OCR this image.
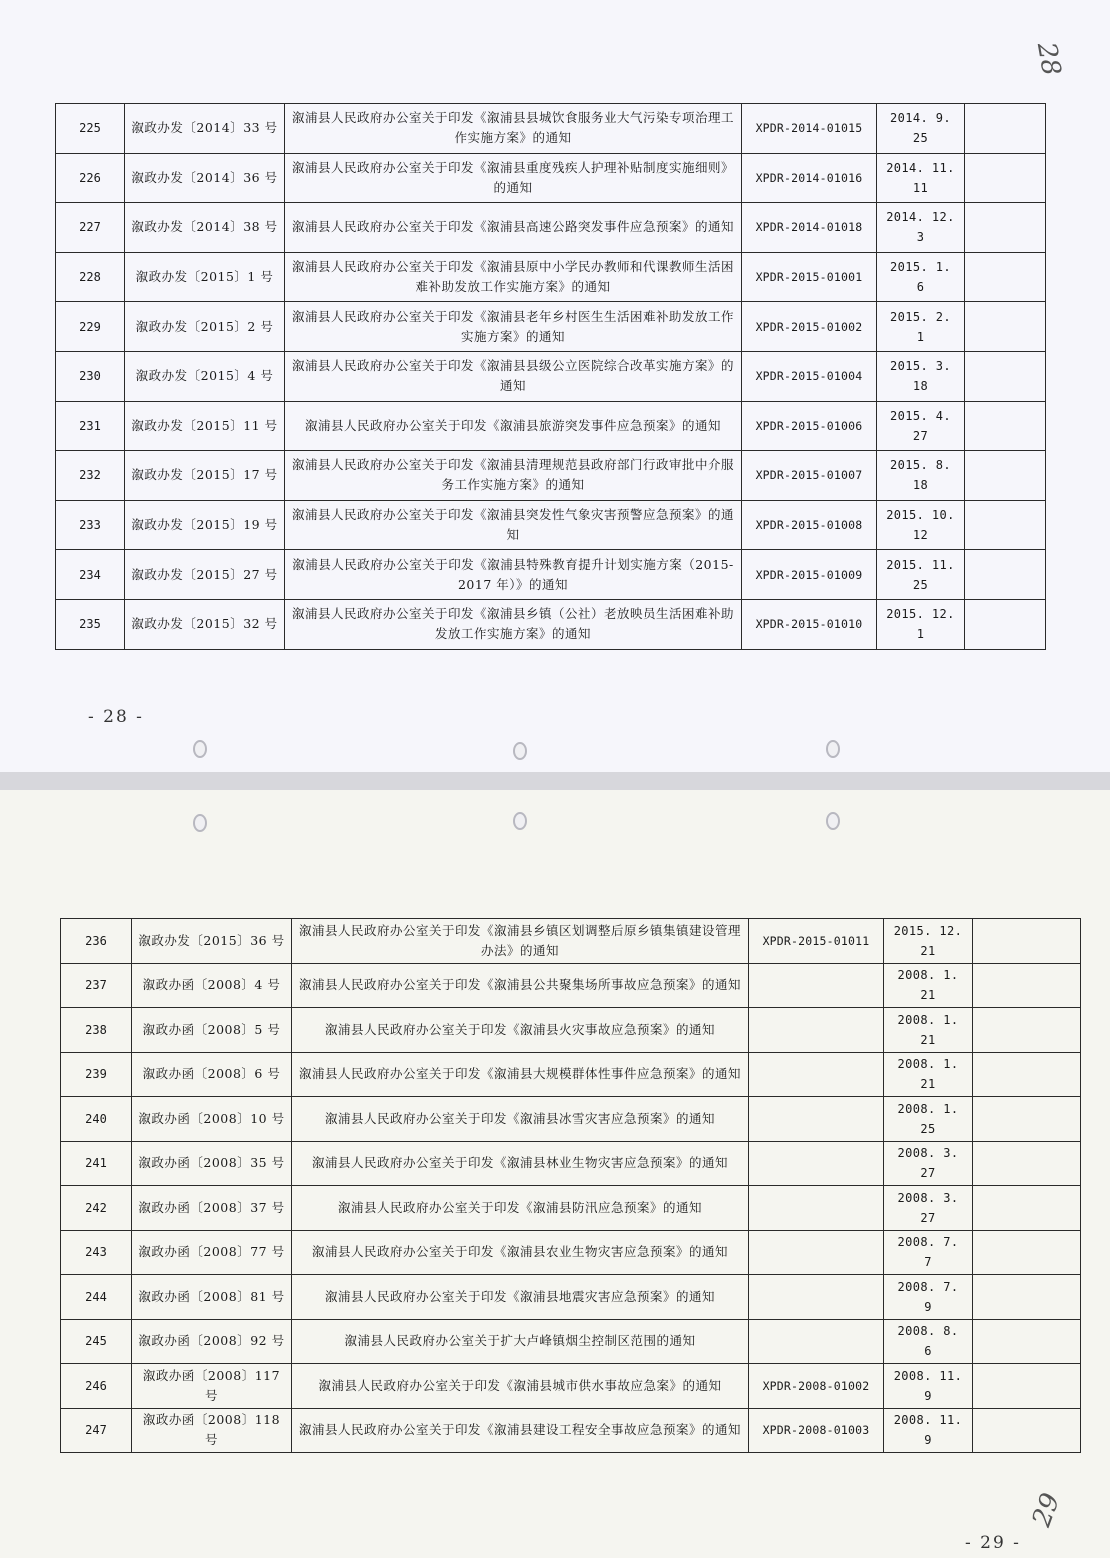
28
29
225	溆政办发〔2014〕33 号	溆浦县人民政府办公室关于印发《溆浦县县城饮食服务业大气污染专项治理工作实施方案》的通知	XPDR-2014-01015	2014. 9. 25	
226	溆政办发〔2014〕36 号	溆浦县人民政府办公室关于印发《溆浦县重度残疾人护理补贴制度实施细则》的通知	XPDR-2014-01016	2014. 11. 11	
227	溆政办发〔2014〕38 号	溆浦县人民政府办公室关于印发《溆浦县高速公路突发事件应急预案》的通知	XPDR-2014-01018	2014. 12. 3	
228	溆政办发〔2015〕1 号	溆浦县人民政府办公室关于印发《溆浦县原中小学民办教师和代课教师生活困难补助发放工作实施方案》的通知	XPDR-2015-01001	2015. 1. 6	
229	溆政办发〔2015〕2 号	溆浦县人民政府办公室关于印发《溆浦县老年乡村医生生活困难补助发放工作实施方案》的通知	XPDR-2015-01002	2015. 2. 1	
230	溆政办发〔2015〕4 号	溆浦县人民政府办公室关于印发《溆浦县县级公立医院综合改革实施方案》的通知	XPDR-2015-01004	2015. 3. 18	
231	溆政办发〔2015〕11 号	溆浦县人民政府办公室关于印发《溆浦县旅游突发事件应急预案》的通知	XPDR-2015-01006	2015. 4. 27	
232	溆政办发〔2015〕17 号	溆浦县人民政府办公室关于印发《溆浦县清理规范县政府部门行政审批中介服务工作实施方案》的通知	XPDR-2015-01007	2015. 8. 18	
233	溆政办发〔2015〕19 号	溆浦县人民政府办公室关于印发《溆浦县突发性气象灾害预警应急预案》的通知	XPDR-2015-01008	2015. 10. 12	
234	溆政办发〔2015〕27 号	溆浦县人民政府办公室关于印发《溆浦县特殊教育提升计划实施方案（2015-2017 年）》的通知	XPDR-2015-01009	2015. 11. 25	
235	溆政办发〔2015〕32 号	溆浦县人民政府办公室关于印发《溆浦县乡镇（公社）老放映员生活困难补助发放工作实施方案》的通知	XPDR-2015-01010	2015. 12. 1	
236	溆政办发〔2015〕36 号	溆浦县人民政府办公室关于印发《溆浦县乡镇区划调整后原乡镇集镇建设管理办法》的通知	XPDR-2015-01011	2015. 12. 21	
237	溆政办函〔2008〕4 号	溆浦县人民政府办公室关于印发《溆浦县公共聚集场所事故应急预案》的通知		2008. 1. 21	
238	溆政办函〔2008〕5 号	溆浦县人民政府办公室关于印发《溆浦县火灾事故应急预案》的通知		2008. 1. 21	
239	溆政办函〔2008〕6 号	溆浦县人民政府办公室关于印发《溆浦县大规模群体性事件应急预案》的通知		2008. 1. 21	
240	溆政办函〔2008〕10 号	溆浦县人民政府办公室关于印发《溆浦县冰雪灾害应急预案》的通知		2008. 1. 25	
241	溆政办函〔2008〕35 号	溆浦县人民政府办公室关于印发《溆浦县林业生物灾害应急预案》的通知		2008. 3. 27	
242	溆政办函〔2008〕37 号	溆浦县人民政府办公室关于印发《溆浦县防汛应急预案》的通知		2008. 3. 27	
243	溆政办函〔2008〕77 号	溆浦县人民政府办公室关于印发《溆浦县农业生物灾害应急预案》的通知		2008. 7. 7	
244	溆政办函〔2008〕81 号	溆浦县人民政府办公室关于印发《溆浦县地震灾害应急预案》的通知		2008. 7. 9	
245	溆政办函〔2008〕92 号	溆浦县人民政府办公室关于扩大卢峰镇烟尘控制区范围的通知		2008. 8. 6	
246	溆政办函〔2008〕117 号	溆浦县人民政府办公室关于印发《溆浦县城市供水事故应急案》的通知	XPDR-2008-01002	2008. 11. 9	
247	溆政办函〔2008〕118 号	溆浦县人民政府办公室关于印发《溆浦县建设工程安全事故应急预案》的通知	XPDR-2008-01003	2008. 11. 9	
- 28 -
- 29 -
